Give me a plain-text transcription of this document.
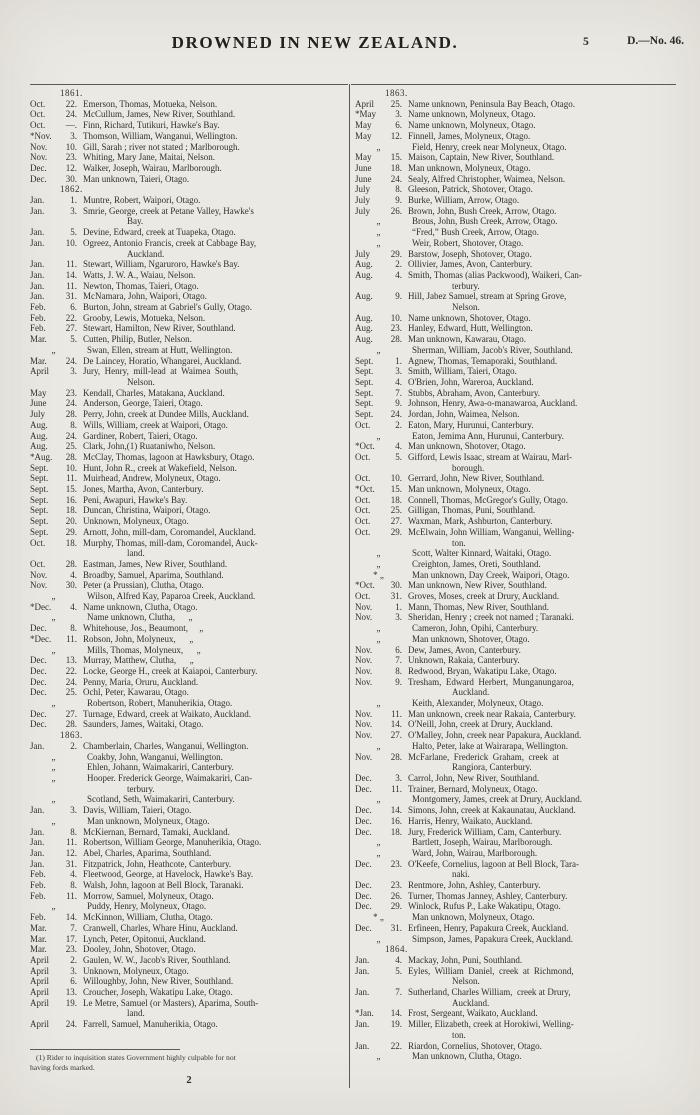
DROWNED IN NEW ZEALAND.	5	D.—No. 46.
1861.
Oct. 22. Emerson, Thomas, Motueka, Nelson.
Oct. 24. McCullum, James, New River, Southland.
Oct. —. Finn, Richard, Tutikuri, Hawke's Bay.
*Nov. 3. Thomson, William, Wanganui, Wellington.
Nov. 10. Gill, Sarah ; river not stated ; Marlborough.
Nov. 23. Whiting, Mary Jane, Maitai, Nelson.
Dec. 12. Walker, Joseph, Wairau, Marlborough.
Dec. 30. Man unknown, Taieri, Otago.
1862.
Jan.	1. Muntre, Robert, Waipori, Otago.
Jan.	3. Smrie, George, creek at Petane Valley, Hawke's
Bay.
Jan.	5. Devine, Edward, creek at Tuapeka, Otago.
Jan. 10. Ogreez, Antonio Francis, creek at Cabbage Bay,
Auckland.
Jan. 11. Stewart, William, Ngaruroro, Hawke's Bay.
Jan. 14. Watts, J. W. A., Waiau, Nelson.
Jan. 11. Newton, Thomas, Taieri, Otago.
Jan. 31. McNamara, John, Waipori, Otago.
Feb.	6. Burton, John, stream at Gabriel's Gully, Otago.
Feb. 22. Grooby, Lewis, Motueka, Nelson.
Feb. 27. Stewart, Hamilton, New River, Southland.
Mar.	5. Cutten, Philip, Butler, Nelson.
„	Swan, Ellen, stream at Hutt, Wellington.
Mar. 24. De Laincey, Horatio, Whangarei, Auckland.
April 3. Jury,  Henry,  mill-lead  at  Waimea  South,
Nelson.
May 23. Kendall, Charles, Matakana, Auckland.
June 24. Anderson, George, Taieri, Otago.
July 28. Perry, John, creek at Dundee Mills, Auckland.
Aug.	8. Wills, William, creek at Waipori, Otago.
Aug. 24. Gardiner, Robert, Taieri, Otago.
Aug. 25. Clark, John,(1) Ruataniwho, Nelson.
*Aug. 28. McClay, Thomas, lagoon at Hawksbury, Otago.
Sept. 10. Hunt, John R., creek at Wakefield, Nelson.
Sept. 11. Muirhead, Andrew, Molyneux, Otago.
Sept. 15. Jones, Martha, Avon, Canterbury.
Sept. 16. Peni, Awapuri, Hawke's Bay.
Sept. 18. Duncan, Christina, Waipori, Otago.
Sept. 20. Unknown, Molyneux, Otago.
Sept. 29. Arnott, John, mill-dam, Coromandel, Auckland.
Oct. 18. Murphy, Thomas, mill-dam, Coromandel, Auck-
land.
Oct. 28. Eastman, James, New River, Southland.
Nov.	4. Broadby, Samuel, Aparima, Southland.
Nov. 30. Peter (a Prussian), Clutha, Otago.
„	Wilson, Alfred Kay, Paparoa Creek, Auckland.
*Dec. 4. Name unknown, Clutha, Otago.
„	Name unknown, Clutha,      „
Dec.	8. Whitehouse, Jos., Beaumont,     „
*Dec. 11. Robson, John, Molyneux,      „
„	Mills, Thomas, Molyneux,      „
Dec. 13. Murray, Matthew, Clutha,      „
Dec. 22. Locke, George H., creek at Kaiapoi, Canterbury.
Dec. 24. Penny, Maria, Oruru, Auckland.
Dec. 25. Ochl, Peter, Kawarau, Otago.
„	Robertson, Robert, Manuherikia, Otago.
Dec. 27. Turnage, Edward, creek at Waikato, Auckland.
Dec. 28. Saunders, James, Waitaki, Otago.
1863.
Jan.	2. Chamberlain, Charles, Wanganui, Wellington.
„	Coakby, John, Wanganui, Wellington.
„	Ehlen, Johann, Waimakariri, Canterbury.
„	Hooper. Frederick George, Waimakariri, Can-
terbury.
„	Scotland, Seth, Waimakariri, Canterbury.
Jan.	3. Davis, William, Taieri, Otago.
„	Man unknown, Molyneux, Otago.
Jan.	8. McKiernan, Bernard, Tamaki, Auckland.
Jan. 11. Robertson, William George, Manuherikia, Otago.
Jan. 12. Abel, Charles, Aparima, Southland.
Jan. 31. Fitzpatrick, John, Heathcote, Canterbury.
Feb.	4. Fleetwood, George, at Havelock, Hawke's Bay.
Feb.	8. Walsh, John, lagoon at Bell Block, Taranaki.
Feb. 11. Morrow, Samuel, Molyneux, Otago.
„	Puddy, Henry, Molyneux, Otago.
Feb. 14. McKinnon, William, Clutha, Otago.
Mar.	7. Cranwell, Charles, Whare Hinu, Auckland.
Mar. 17. Lynch, Peter, Opitonui, Auckland.
Mar. 23. Dooley, John, Shotover, Otago.
April 2. Gaulen, W. W., Jacob's River, Southland.
April 3. Unknown, Molyneux, Otago.
April 6. Willoughby, John, New River, Southland.
April 13. Croucher, Joseph, Wakatipu Lake, Otago.
April 19. Le Metre, Samuel (or Masters), Aparima, South-
land.
April 24. Farrell, Samuel, Manuherikia, Otago.
(1) Rider to inquisition states Government highly culpable for not
having fords marked.
2
1863.
April 25. Name unknown, Peninsula Bay Beach, Otago.
*May 3. Name unknown, Molyneux, Otago.
May	6. Name unknown, Molyneux, Otago.
May 12. Finnell, James, Molyneux, Otago.
„	Field, Henry, creek near Molyneux, Otago.
May 15. Maison, Captain, New River, Southland.
June 18. Man unknown, Molyneux, Otago.
June 24. Sealy, Alfred Christopher, Waimea, Nelson.
July	8. Gleeson, Patrick, Shotover, Otago.
July	9. Burke, William, Arrow, Otago.
July 26. Brown, John, Bush Creek, Arrow, Otago.
„	Brous, John, Bush Creek, Arrow, Otago.
„	“Fred,” Bush Creek, Arrow, Otago.
„	Weir, Robert, Shotover, Otago.
July 29. Barstow, Joseph, Shotover, Otago.
Aug.	2. Ollivier, James, Avon, Canterbury.
Aug.	4. Smith, Thomas (alias Packwood), Waikeri, Can-
terbury.
Aug.	9. Hill, Jabez Samuel, stream at Spring Grove,
Nelson.
Aug. 10. Name unknown, Shotover, Otago.
Aug. 23. Hanley, Edward, Hutt, Wellington.
Aug. 28. Man unknown, Kawarau, Otago.
„	Sherman, William, Jacob's River, Southland.
Sept. 1. Agnew, Thomas, Temaporaki, Southland.
Sept. 3. Smith, William, Taieri, Otago.
Sept. 4. O'Brien, John, Wareroa, Auckland.
Sept. 7. Stubbs, Abraham, Avon, Canterbury.
Sept. 9. Johnson, Henry, Awa-o-manawaroa, Auckland.
Sept. 24. Jordan, John, Waimea, Nelson.
Oct.	2. Eaton, Mary, Hurunui, Canterbury.
„	Eaton, Jemima Ann, Hurunui, Canterbury.
*Oct. 4. Man unknown, Shotover, Otago.
Oct.	5. Gifford, Lewis Isaac, stream at Wairau, Marl-
borough.
Oct. 10. Gerrard, John, New River, Southland.
*Oct. 15. Man unknown, Molyneux, Otago.
Oct. 18. Connell, Thomas, McGregor's Gully, Otago.
Oct. 25. Gilligan, Thomas, Puni, Southland.
Oct. 27. Waxman, Mark, Ashburton, Canterbury.
Oct. 29. McElwain, John William, Wanganui, Welling-
ton.
„	Scott, Walter Kinnard, Waitaki, Otago.
„	Creighton, James, Oreti, Southland.
* „	Man unknown, Day Creek, Waipori, Otago.
*Oct. 30. Man unknown, New River, Southland.
Oct. 31. Groves, Moses, creek at Drury, Auckland.
Nov.	1. Mann, Thomas, New River, Southland.
Nov.	3. Sheridan, Henry ; creek not named ; Taranaki.
„	Cameron, John, Opihi, Canterbury.
„	Man unknown, Shotover, Otago.
Nov.	6. Dew, James, Avon, Canterbury.
Nov.	7. Unknown, Rakaia, Canterbury.
Nov.	8. Redwood, Bryan, Wakatipu Lake, Otago.
Nov.	9. Tresham,  Edward  Herbert,  Munganungaroa,
Auckland.
„	Keith, Alexander, Molyneux, Otago.
Nov. 11. Man unknown, creek near Rakaia, Canterbury.
Nov. 14. O'Neill, John, creek at Drury, Auckland.
Nov. 27. O'Malley, John, creek near Papakura, Auckland.
„	Halto, Peter, lake at Wairarapa, Wellington.
Nov. 28. McFarlane,  Frederick  Graham,  creek  at
Rangiora, Canterbury.
Dec.	3. Carrol, John, New River, Southland.
Dec. 11. Trainer, Bernard, Molyneux, Otago.
„	Montgomery, James, creek at Drury, Auckland.
Dec. 14. Simons, John, creek at Kakaunatau, Auckland.
Dec. 16. Harris, Henry, Waikato, Auckland.
Dec. 18. Jury, Frederick William, Cam, Canterbury.
„	Bartlett, Joseph, Wairau, Marlborough.
„	Ward, John, Wairau, Marlborough.
Dec. 23. O'Keefe, Cornelius, lagoon at Bell Block, Tara-
naki.
Dec. 23. Rentmore, John, Ashley, Canterbury.
Dec. 26. Turner, Thomas Janney, Ashley, Canterbury.
Dec. 29. Winlock, Rufus P., Lake Wakatipu, Otago.
* „	Man unknown, Molyneux, Otago.
Dec. 31. Erfineen, Henry, Papakura Creek, Auckland.
„	Simpson, James, Papakura Creek, Auckland.
1864.
Jan.	4. Mackay, John, Puni, Southland.
Jan.	5. Eyles,  William  Daniel,  creek  at  Richmond,
Nelson.
Jan.	7. Sutherland, Charles William,  creek at Drury,
Auckland.
*Jan. 14. Frost, Sergeant, Waikato, Auckland.
Jan. 19. Miller, Elizabeth, creek at Horokiwi, Welling-
ton.
Jan. 22. Riardon, Cornelius, Shotover, Otago.
„	Man unknown, Clutha, Otago.
